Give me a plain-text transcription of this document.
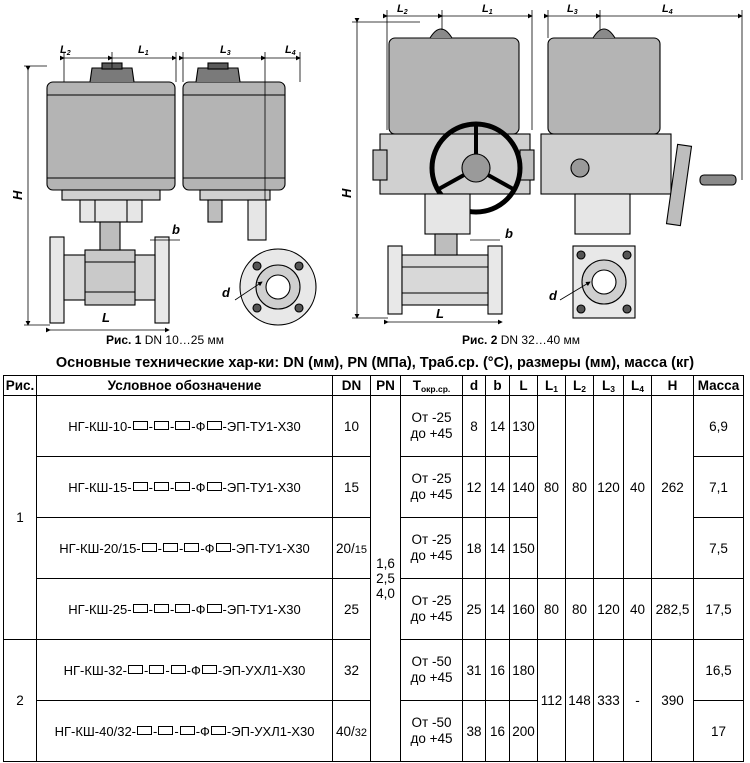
L2	L1
H
L
L3	L4
b
d
L2	L1
H
L
b
L3	L4
d
Рис. 1 DN 10…25 мм	Рис. 2 DN 32…40 мм
Основные технические хар-ки: DN (мм), PN (МПа), Траб.ср. (°С), размеры (мм), масса (кг)
Рис.	Условное обозначение	DN	PN	$Т_{окр.ср.}$	d	b	L	$L_1$	$L_2$	$L_3$	$L_4$	H	Масса
1	НГ-КШ-10- - - -Ф -ЭП-ТУ1-Х30	10	1,6
2,5
4,0	От -25
до +45	8	14	130	80	80	120	40	262	6,9
	НГ-КШ-15- - - -Ф -ЭП-ТУ1-Х30	15		От -25
до +45	12	14	140						7,1
	НГ-КШ-20/15- - - -Ф -ЭП-ТУ1-Х30	20/15		От -25
до +45	18	14	150						7,5
	НГ-КШ-25- - - -Ф -ЭП-ТУ1-Х30	25		От -25
до +45	25	14	160	80	80	120	40	282,5	17,5
2	НГ-КШ-32- - - -Ф -ЭП-УХЛ1-Х30	32		От -50
до +45	31	16	180	112	148	333	-	390	16,5
	НГ-КШ-40/32- - - -Ф -ЭП-УХЛ1-Х30	40/32		От -50
до +45	38	16	200						17
